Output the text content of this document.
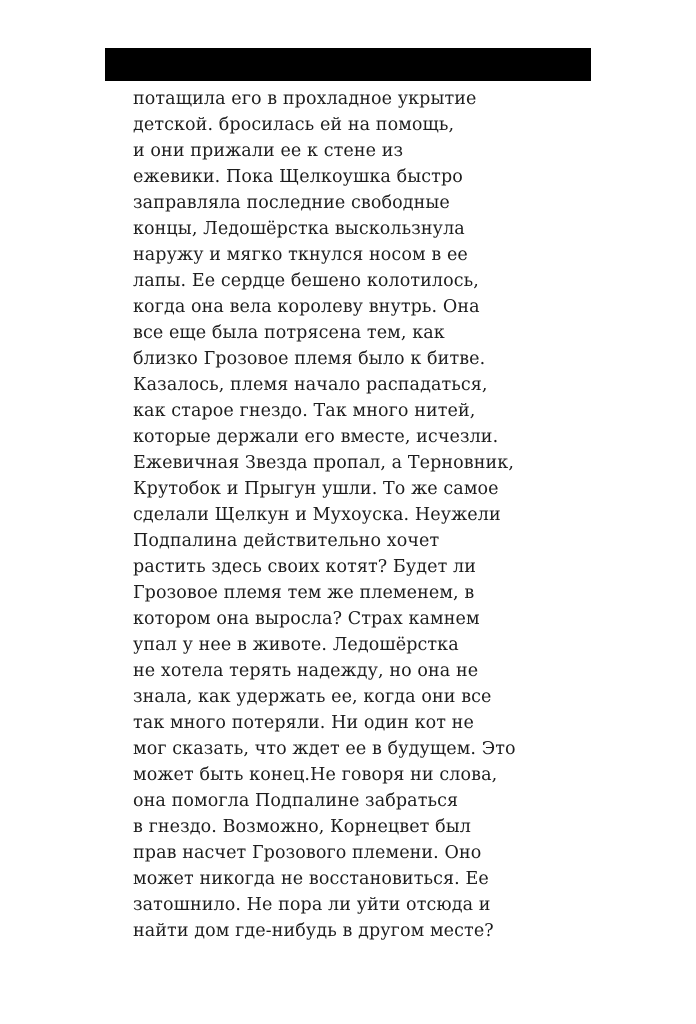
потащила его в прохладное укрытие
детской. бросилась ей на помощь,
и они прижали ее к стене из
ежевики. Пока Щелкоушка быстро
заправляла последние свободные
концы, Ледошёрстка выскользнула
наружу и мягко ткнулся носом в ее
лапы. Ее сердце бешено колотилось,
когда она вела королеву внутрь. Она
все еще была потрясена тем, как
близко Грозовое племя было к битве.
Казалось, племя начало распадаться,
как старое гнездо. Так много нитей,
которые держали его вместе, исчезли.
Ежевичная Звезда пропал, а Терновник,
Крутобок и Прыгун ушли. То же самое
сделали Щелкун и Мухоуска. Неужели
Подпалина действительно хочет
растить здесь своих котят? Будет ли
Грозовое племя тем же племенем, в
котором она выросла? Страх камнем
упал у нее в животе. Ледошёрстка
не хотела терять надежду, но она не
знала, как удержать ее, когда они все
так много потеряли. Ни один кот не
мог сказать, что ждет ее в будущем. Это
может быть конец.Не говоря ни слова,
она помогла Подпалине забраться
в гнездо. Возможно, Корнецвет был
прав насчет Грозового племени. Оно
может никогда не восстановиться. Ее
затошнило. Не пора ли уйти отсюда и
найти дом где-нибудь в другом месте?
